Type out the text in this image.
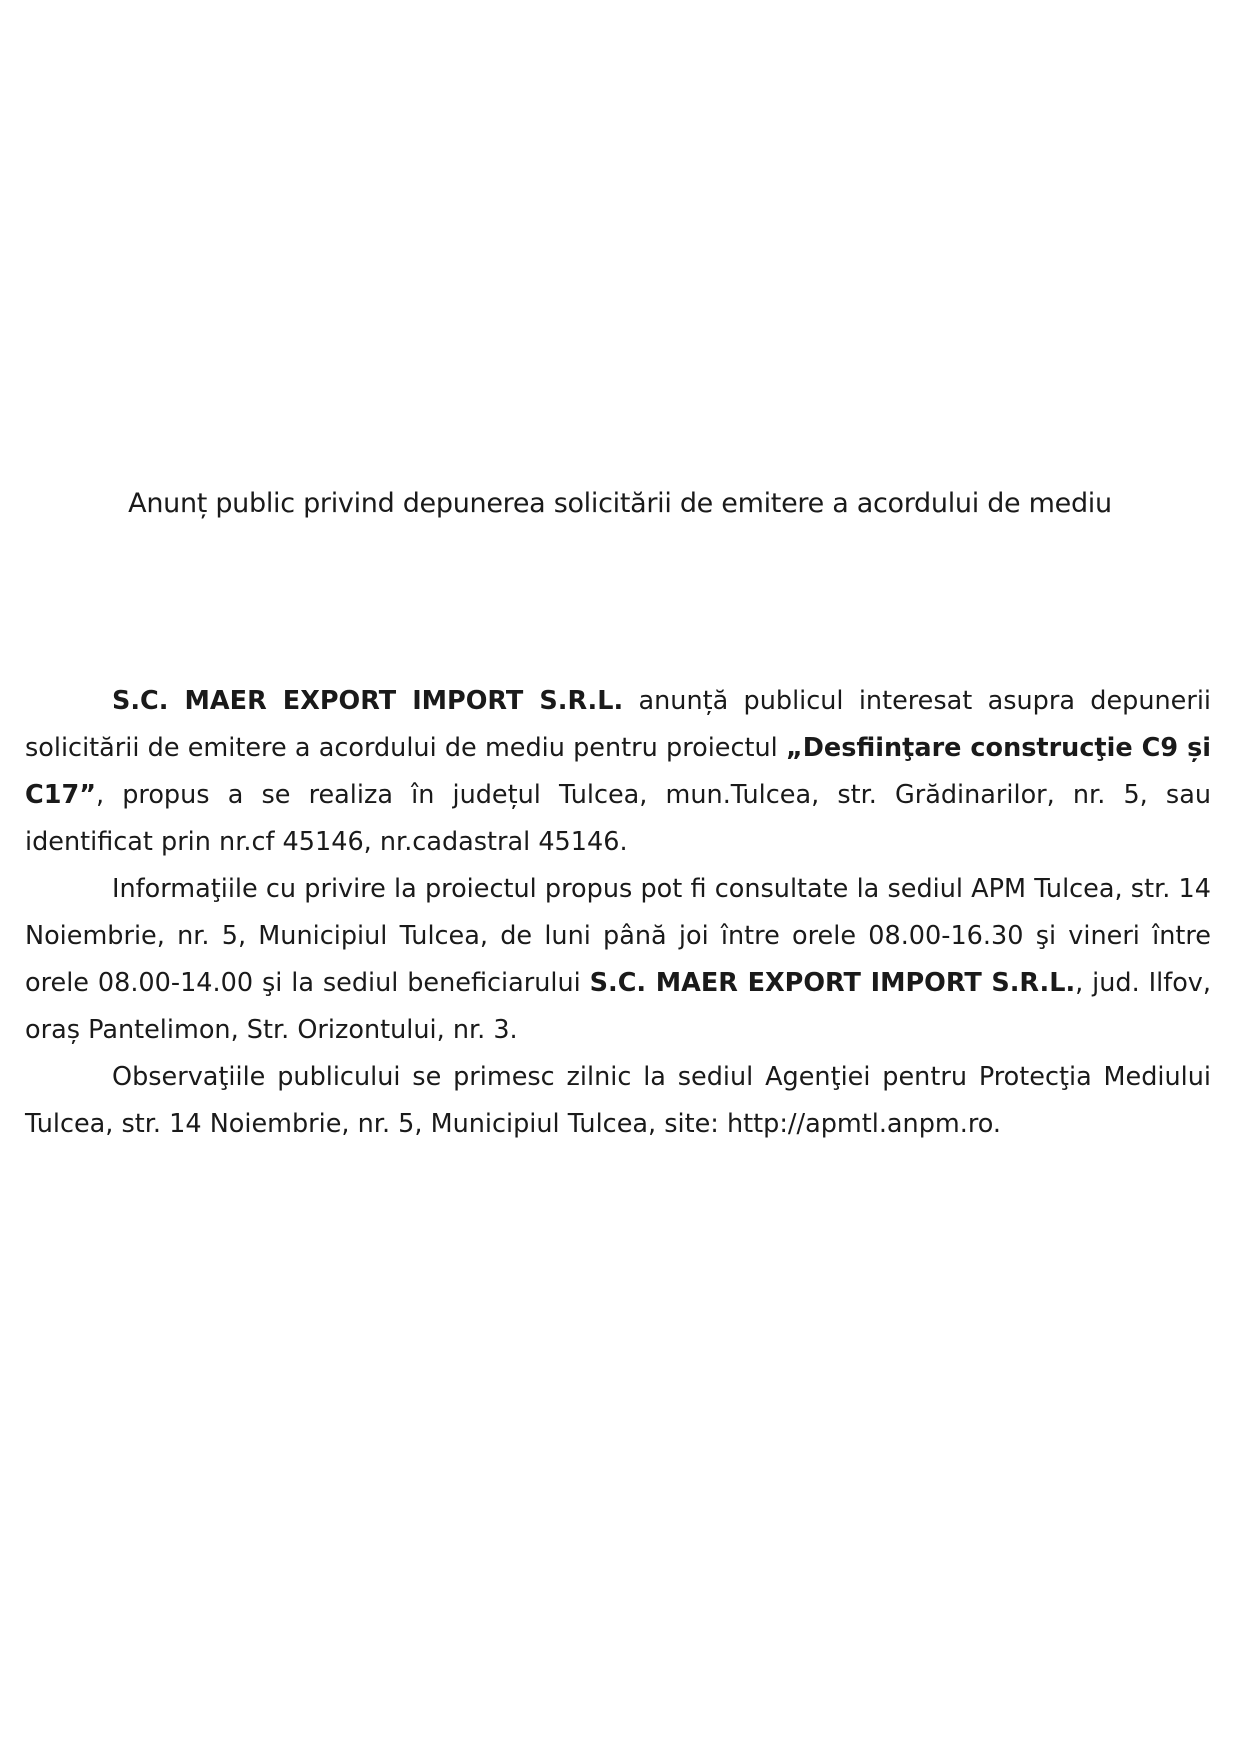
Anunț public privind depunerea solicitării de emitere a acordului de mediu

S.C. MAER EXPORT IMPORT S.R.L. anunță publicul interesat asupra depunerii solicitării de emitere a acordului de mediu pentru proiectul „Desfiinţare construcţie C9 și C17”, propus a se realiza în județul Tulcea, mun.Tulcea, str. Grădinarilor, nr. 5, sau identificat prin nr.cf 45146, nr.cadastral 45146.

Informaţiile cu privire la proiectul propus pot fi consultate la sediul APM Tulcea, str. 14 Noiembrie, nr. 5, Municipiul Tulcea, de luni până joi între orele 08.00-16.30 şi vineri între orele 08.00-14.00 şi la sediul beneficiarului S.C. MAER EXPORT IMPORT S.R.L., jud. Ilfov, oraș Pantelimon, Str. Orizontului, nr. 3.

Observaţiile publicului se primesc zilnic la sediul Agenţiei pentru Protecţia Mediului Tulcea, str. 14 Noiembrie, nr. 5, Municipiul Tulcea, site: http://apmtl.anpm.ro.
